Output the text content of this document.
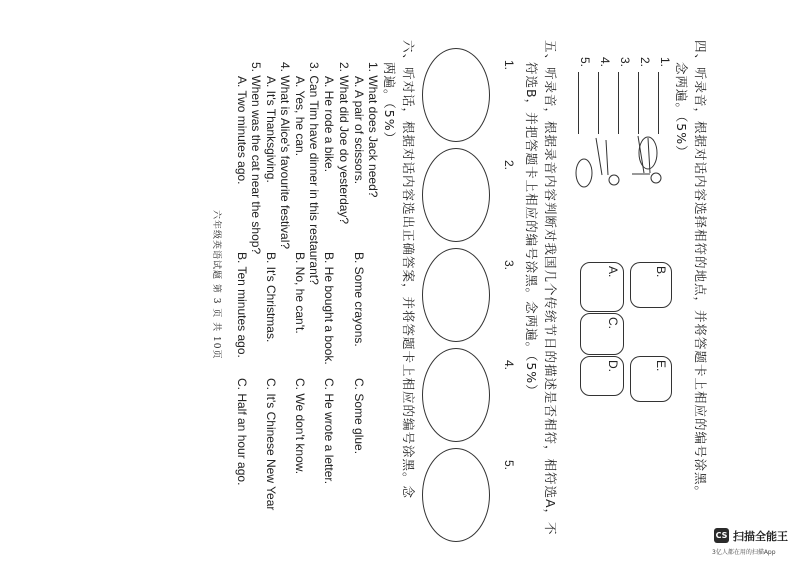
四、听录音，根据对话内容选择相符的地点，并将答题卡上相应的编号涂黑。
念两遍。（5%）
1.
2.
3.
4.
5.
B.
A.
C.
D.	E.
五、听录音，根据录音内容判断对我国几个传统节日的描述是否相符，相符选A，不
符选B，并把答题卡上相应的编号涂黑。念两遍。（5%）
1.
2.
3.
4.
5.
六、听对话，根据对话内容选出正确答案，并将答题卡上相应的编号涂黑。念
两遍。（5%）
1. What does Jack need?
A. A pair of scissors.
B. Some crayons.
C. Some glue.
2. What did Joe do yesterday?
A. He rode a bike.
B. He bought a book.
C. He wrote a letter.
3. Can Tim have dinner in this restaurant?
A. Yes, he can.
B. No, he can't.
C. We don't know.
4. What is Alice's favourite festival?
A. It's Thanksgiving.
B. It's Christmas.
C. It's Chinese New Year
5. When was the cat near the shop?
A. Two minutes ago.
B. Ten minutes ago.
C. Half an hour ago.
六年级英语试题 第 3 页 共 10页
CS 扫描全能王
3亿人都在用的扫描App
